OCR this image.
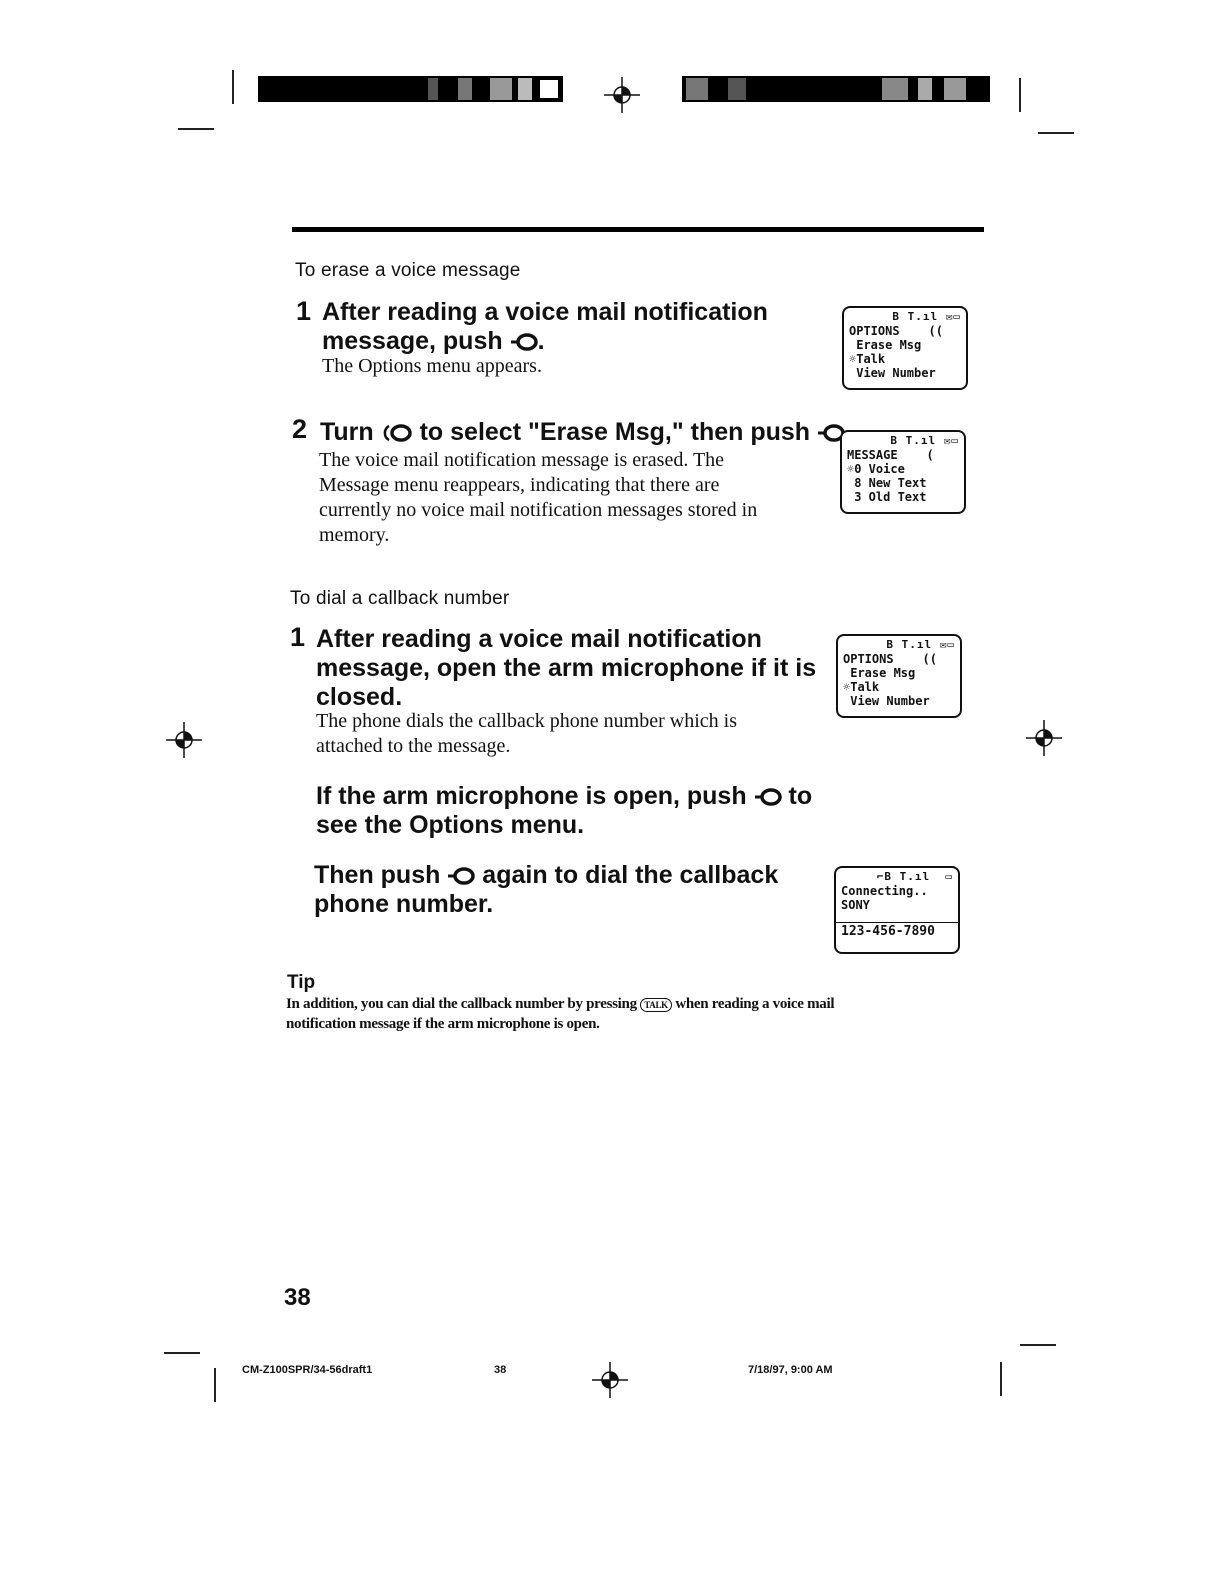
To erase a voice message
1 After reading a voice mail notification
message, push .
The Options menu appears.
B T.ıl ✉▭
OPTIONS    ((
Erase Msg
☼Talk
View Number
2 Turn to select "Erase Msg," then push
The voice mail notification message is erased. The
Message menu reappears, indicating that there are
currently no voice mail notification messages stored in
memory.
B T.ıl ✉▭
MESSAGE    (
☼0 Voice
8 New Text
3 Old Text
To dial a callback number
1 After reading a voice mail notification
message, open the arm microphone if it is
closed.
The phone dials the callback phone number which is
attached to the message.
B T.ıl ✉▭
OPTIONS    ((
Erase Msg
☼Talk
View Number
If the arm microphone is open, push to
see the Options menu.
Then push again to dial the callback
phone number.
⌐B T.ıl  ▭
Connecting..
SONY
123-456-7890
Tip
In addition, you can dial the callback number by pressing TALK when reading a voice mail
notification message if the arm microphone is open.
38
CM-Z100SPR/34-56draft1	38	7/18/97, 9:00 AM
